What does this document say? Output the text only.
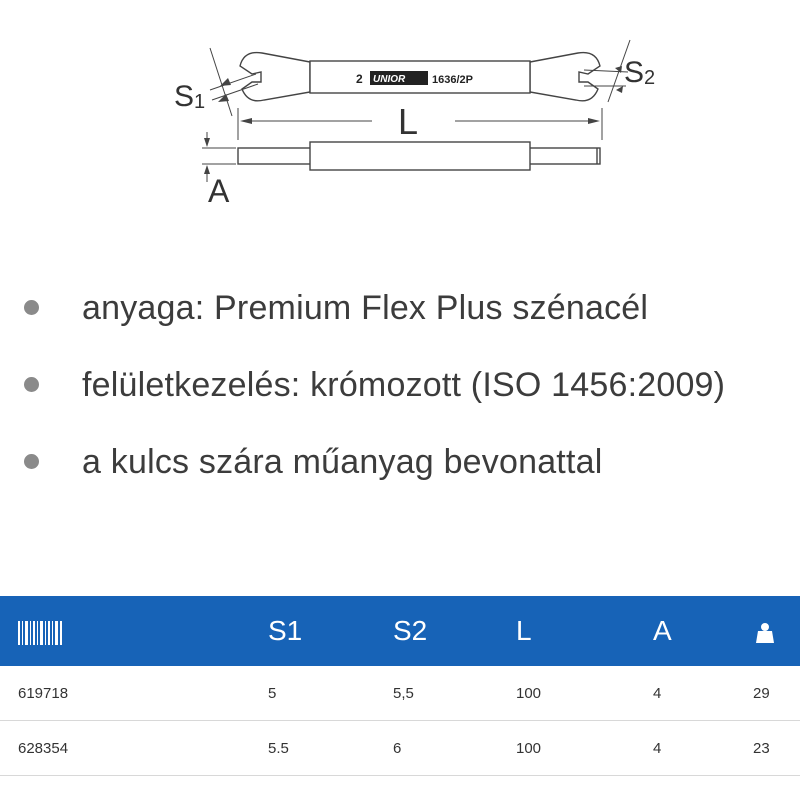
S1
S2
L
A
2 UNIOR 1636/2P
anyaga: Premium Flex Plus szénacél
felületkezelés: krómozott (ISO 1456:2009)
a kulcs szára műanyag bevonattal
	S1	S2	L	A	
619718	5	5,5	100	4	29
628354	5.5	6	100	4	23
